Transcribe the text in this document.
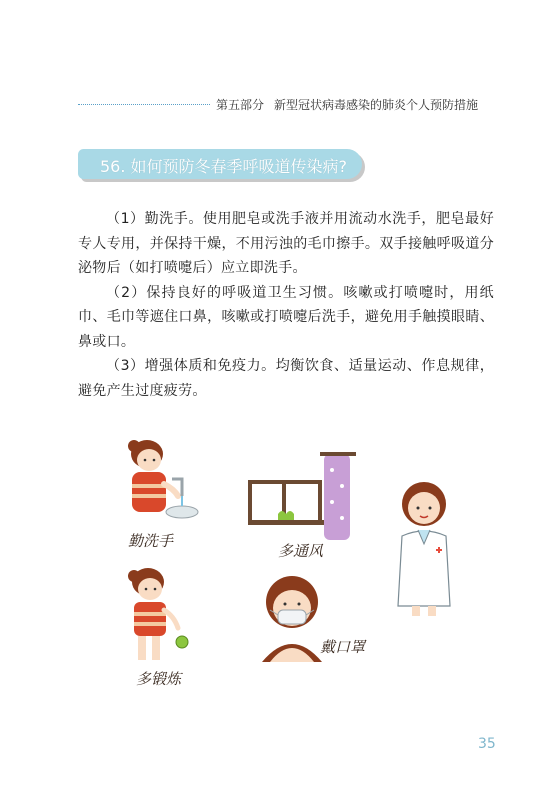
第五部分 新型冠状病毒感染的肺炎个人预防措施
56. 如何预防冬春季呼吸道传染病?

（1）勤洗手。使用肥皂或洗手液并用流动水洗手，肥皂最好专人专用，并保持干燥，不用污浊的毛巾擦手。双手接触呼吸道分泌物后（如打喷嚏后）应立即洗手。

（2）保持良好的呼吸道卫生习惯。咳嗽或打喷嚏时，用纸巾、毛巾等遮住口鼻，咳嗽或打喷嚏后洗手，避免用手触摸眼睛、鼻或口。

（3）增强体质和免疫力。均衡饮食、适量运动、作息规律，避免产生过度疲劳。

勤洗手
多通风
多锻炼
戴口罩
35
